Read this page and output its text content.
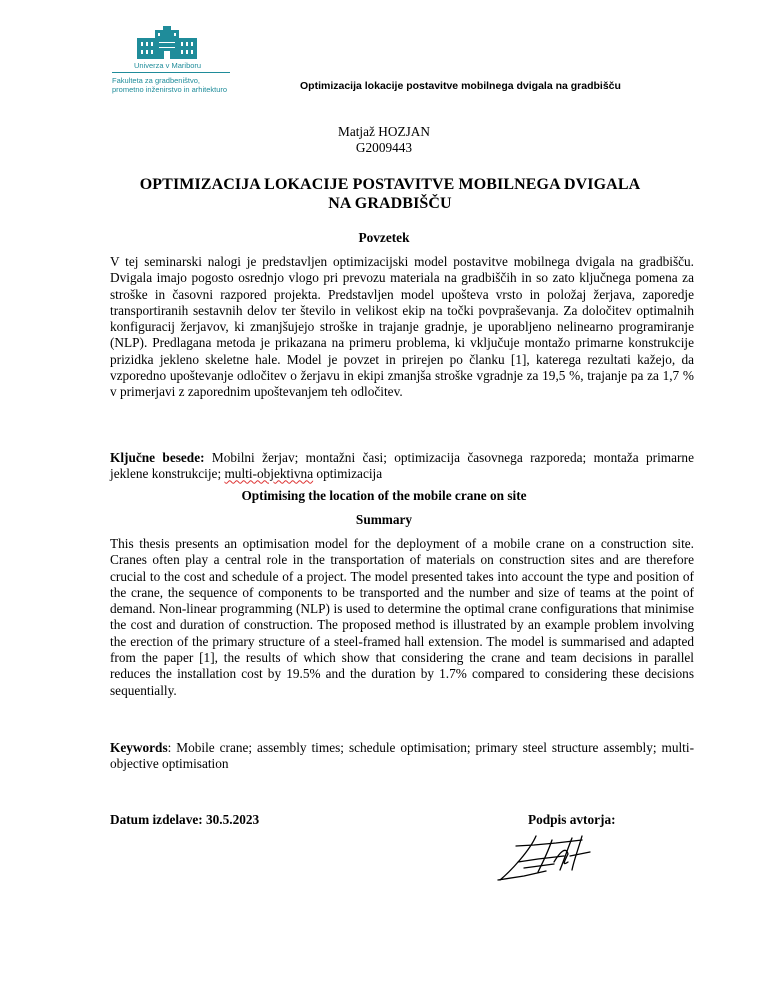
Univerza v Mariboru
Fakulteta za gradbeništvo,
prometno inženirstvo in arhitekturo	Optimizacija lokacije postavitve mobilnega dvigala na gradbišču
Matjaž HOZJAN
G2009443
OPTIMIZACIJA LOKACIJE POSTAVITVE MOBILNEGA DVIGALA
NA GRADBIŠČU
Povzetek
V tej seminarski nalogi je predstavljen optimizacijski model postavitve mobilnega dvigala na gradbišču. Dvigala imajo pogosto osrednjo vlogo pri prevozu materiala na gradbiščih in so zato ključnega pomena za stroške in časovni razpored projekta. Predstavljen model upošteva vrsto in položaj žerjava, zaporedje transportiranih sestavnih delov ter število in velikost ekip na točki povpraševanja. Za določitev optimalnih konfiguracij žerjavov, ki zmanjšujejo stroške in trajanje gradnje, je uporabljeno nelinearno programiranje (NLP). Predlagana metoda je prikazana na primeru problema, ki vključuje montažo primarne konstrukcije prizidka jekleno skeletne hale. Model je povzet in prirejen po članku [1], katerega rezultati kažejo, da vzporedno upoštevanje odločitev o žerjavu in ekipi zmanjša stroške vgradnje za 19,5 %, trajanje pa za 1,7 % v primerjavi z zaporednim upoštevanjem teh odločitev.
Ključne besede: Mobilni žerjav; montažni časi; optimizacija časovnega razporeda; montaža primarne jeklene konstrukcije; multi-objektivna optimizacija
Optimising the location of the mobile crane on site
Summary
This thesis presents an optimisation model for the deployment of a mobile crane on a construction site. Cranes often play a central role in the transportation of materials on construction sites and are therefore crucial to the cost and schedule of a project. The model presented takes into account the type and position of the crane, the sequence of components to be transported and the number and size of teams at the point of demand. Non-linear programming (NLP) is used to determine the optimal crane configurations that minimise the cost and duration of construction. The proposed method is illustrated by an example problem involving the erection of the primary structure of a steel-framed hall extension. The model is summarised and adapted from the paper [1], the results of which show that considering the crane and team decisions in parallel reduces the installation cost by 19.5% and the duration by 1.7% compared to considering these decisions sequentially.
Keywords: Mobile crane; assembly times; schedule optimisation; primary steel structure assembly; multi-objective optimisation
Datum izdelave: 30.5.2023	Podpis avtorja:
